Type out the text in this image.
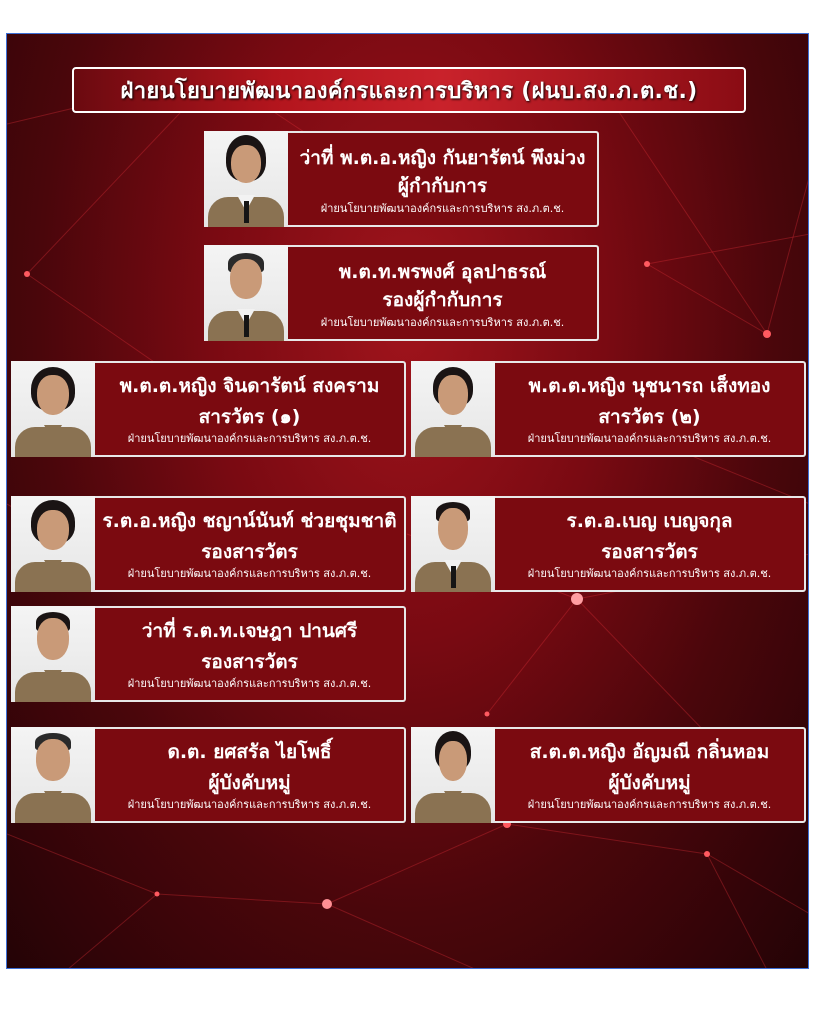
ฝ่ายนโยบายพัฒนาองค์กรและการบริหาร (ฝนบ.สง.ภ.ต.ช.)
ว่าที่ พ.ต.อ.หญิง กันยารัตน์ พึงม่วง
ผู้กำกับการ
ฝ่ายนโยบายพัฒนาองค์กรและการบริหาร สง.ภ.ต.ช.
พ.ต.ท.พรพงศ์ อุลปาธรณ์
รองผู้กำกับการ
ฝ่ายนโยบายพัฒนาองค์กรและการบริหาร สง.ภ.ต.ช.
พ.ต.ต.หญิง จินดารัตน์ สงคราม
สารวัตร (๑)
ฝ่ายนโยบายพัฒนาองค์กรและการบริหาร สง.ภ.ต.ช.
พ.ต.ต.หญิง นุชนารถ เส็งทอง
สารวัตร (๒)
ฝ่ายนโยบายพัฒนาองค์กรและการบริหาร สง.ภ.ต.ช.
ร.ต.อ.หญิง ชญาน์นันท์ ช่วยชุมชาติ
รองสารวัตร
ฝ่ายนโยบายพัฒนาองค์กรและการบริหาร สง.ภ.ต.ช.
ร.ต.อ.เบญ เบญจกุล
รองสารวัตร
ฝ่ายนโยบายพัฒนาองค์กรและการบริหาร สง.ภ.ต.ช.
ว่าที่ ร.ต.ท.เจษฎา ปานศรี
รองสารวัตร
ฝ่ายนโยบายพัฒนาองค์กรและการบริหาร สง.ภ.ต.ช.
ด.ต. ยศสรัล ไยโพธิ์
ผู้บังคับหมู่
ฝ่ายนโยบายพัฒนาองค์กรและการบริหาร สง.ภ.ต.ช.
ส.ต.ต.หญิง อัญมณี กลิ่นหอม
ผู้บังคับหมู่
ฝ่ายนโยบายพัฒนาองค์กรและการบริหาร สง.ภ.ต.ช.
